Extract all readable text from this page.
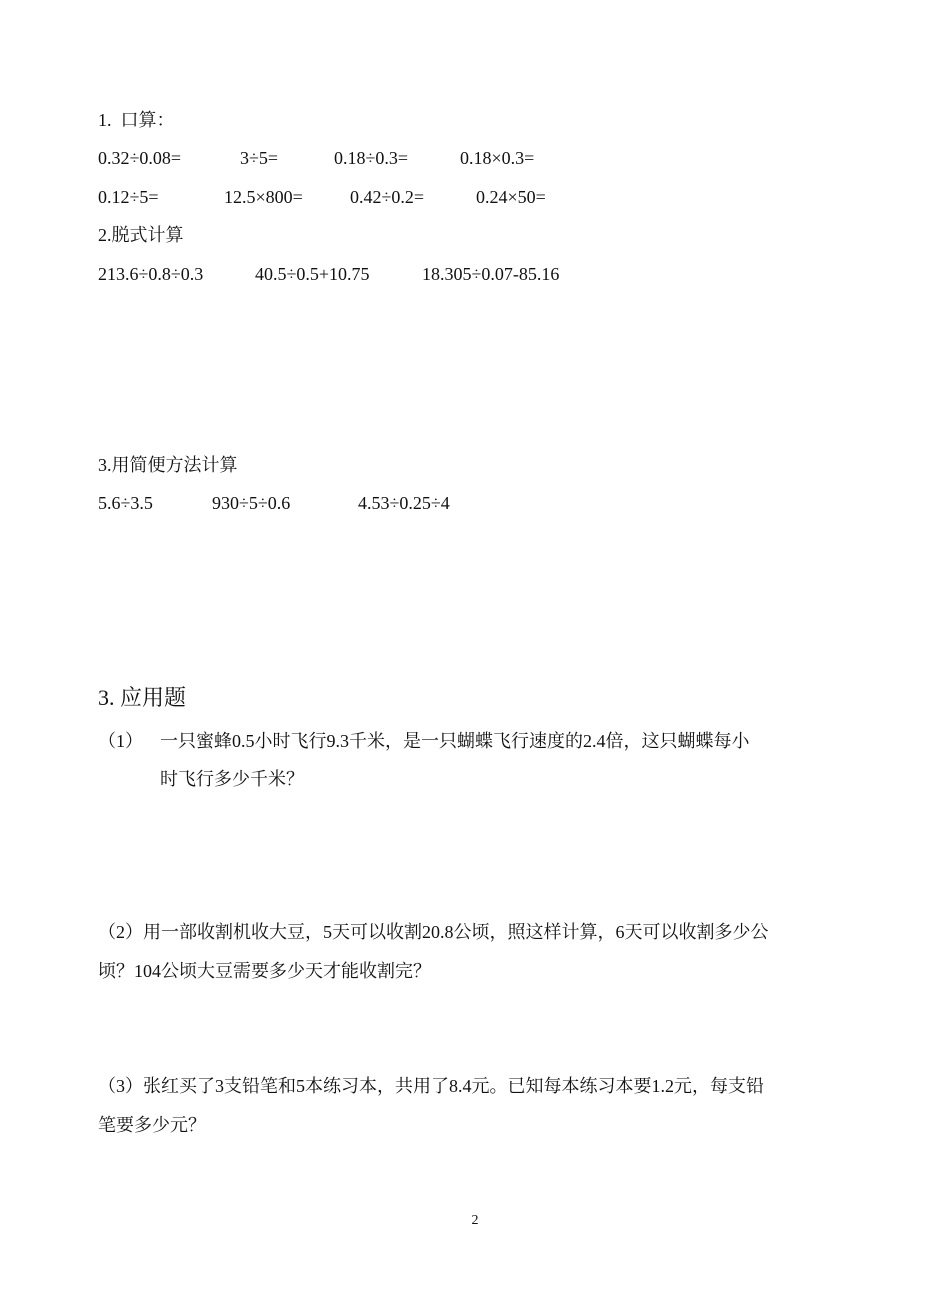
1.  口算：
0.32÷0.08=	3÷5=	0.18÷0.3=	0.18×0.3=
0.12÷5=	12.5×800=	0.42÷0.2=	0.24×50=
2.脱式计算
213.6÷0.8÷0.3	40.5÷0.5+10.75	18.305÷0.07-85.16
3.用简便方法计算
5.6÷3.5	930÷5÷0.6	4.53÷0.25÷4
3. 应用题
（1） 一只蜜蜂0.5小时飞行9.3千米，是一只蝴蝶飞行速度的2.4倍，这只蝴蝶每小
时飞行多少千米？
（2）用一部收割机收大豆，5天可以收割20.8公顷，照这样计算，6天可以收割多少公
顷？104公顷大豆需要多少天才能收割完？
（3）张红买了3支铅笔和5本练习本，共用了8.4元。已知每本练习本要1.2元，每支铅
笔要多少元？
2
